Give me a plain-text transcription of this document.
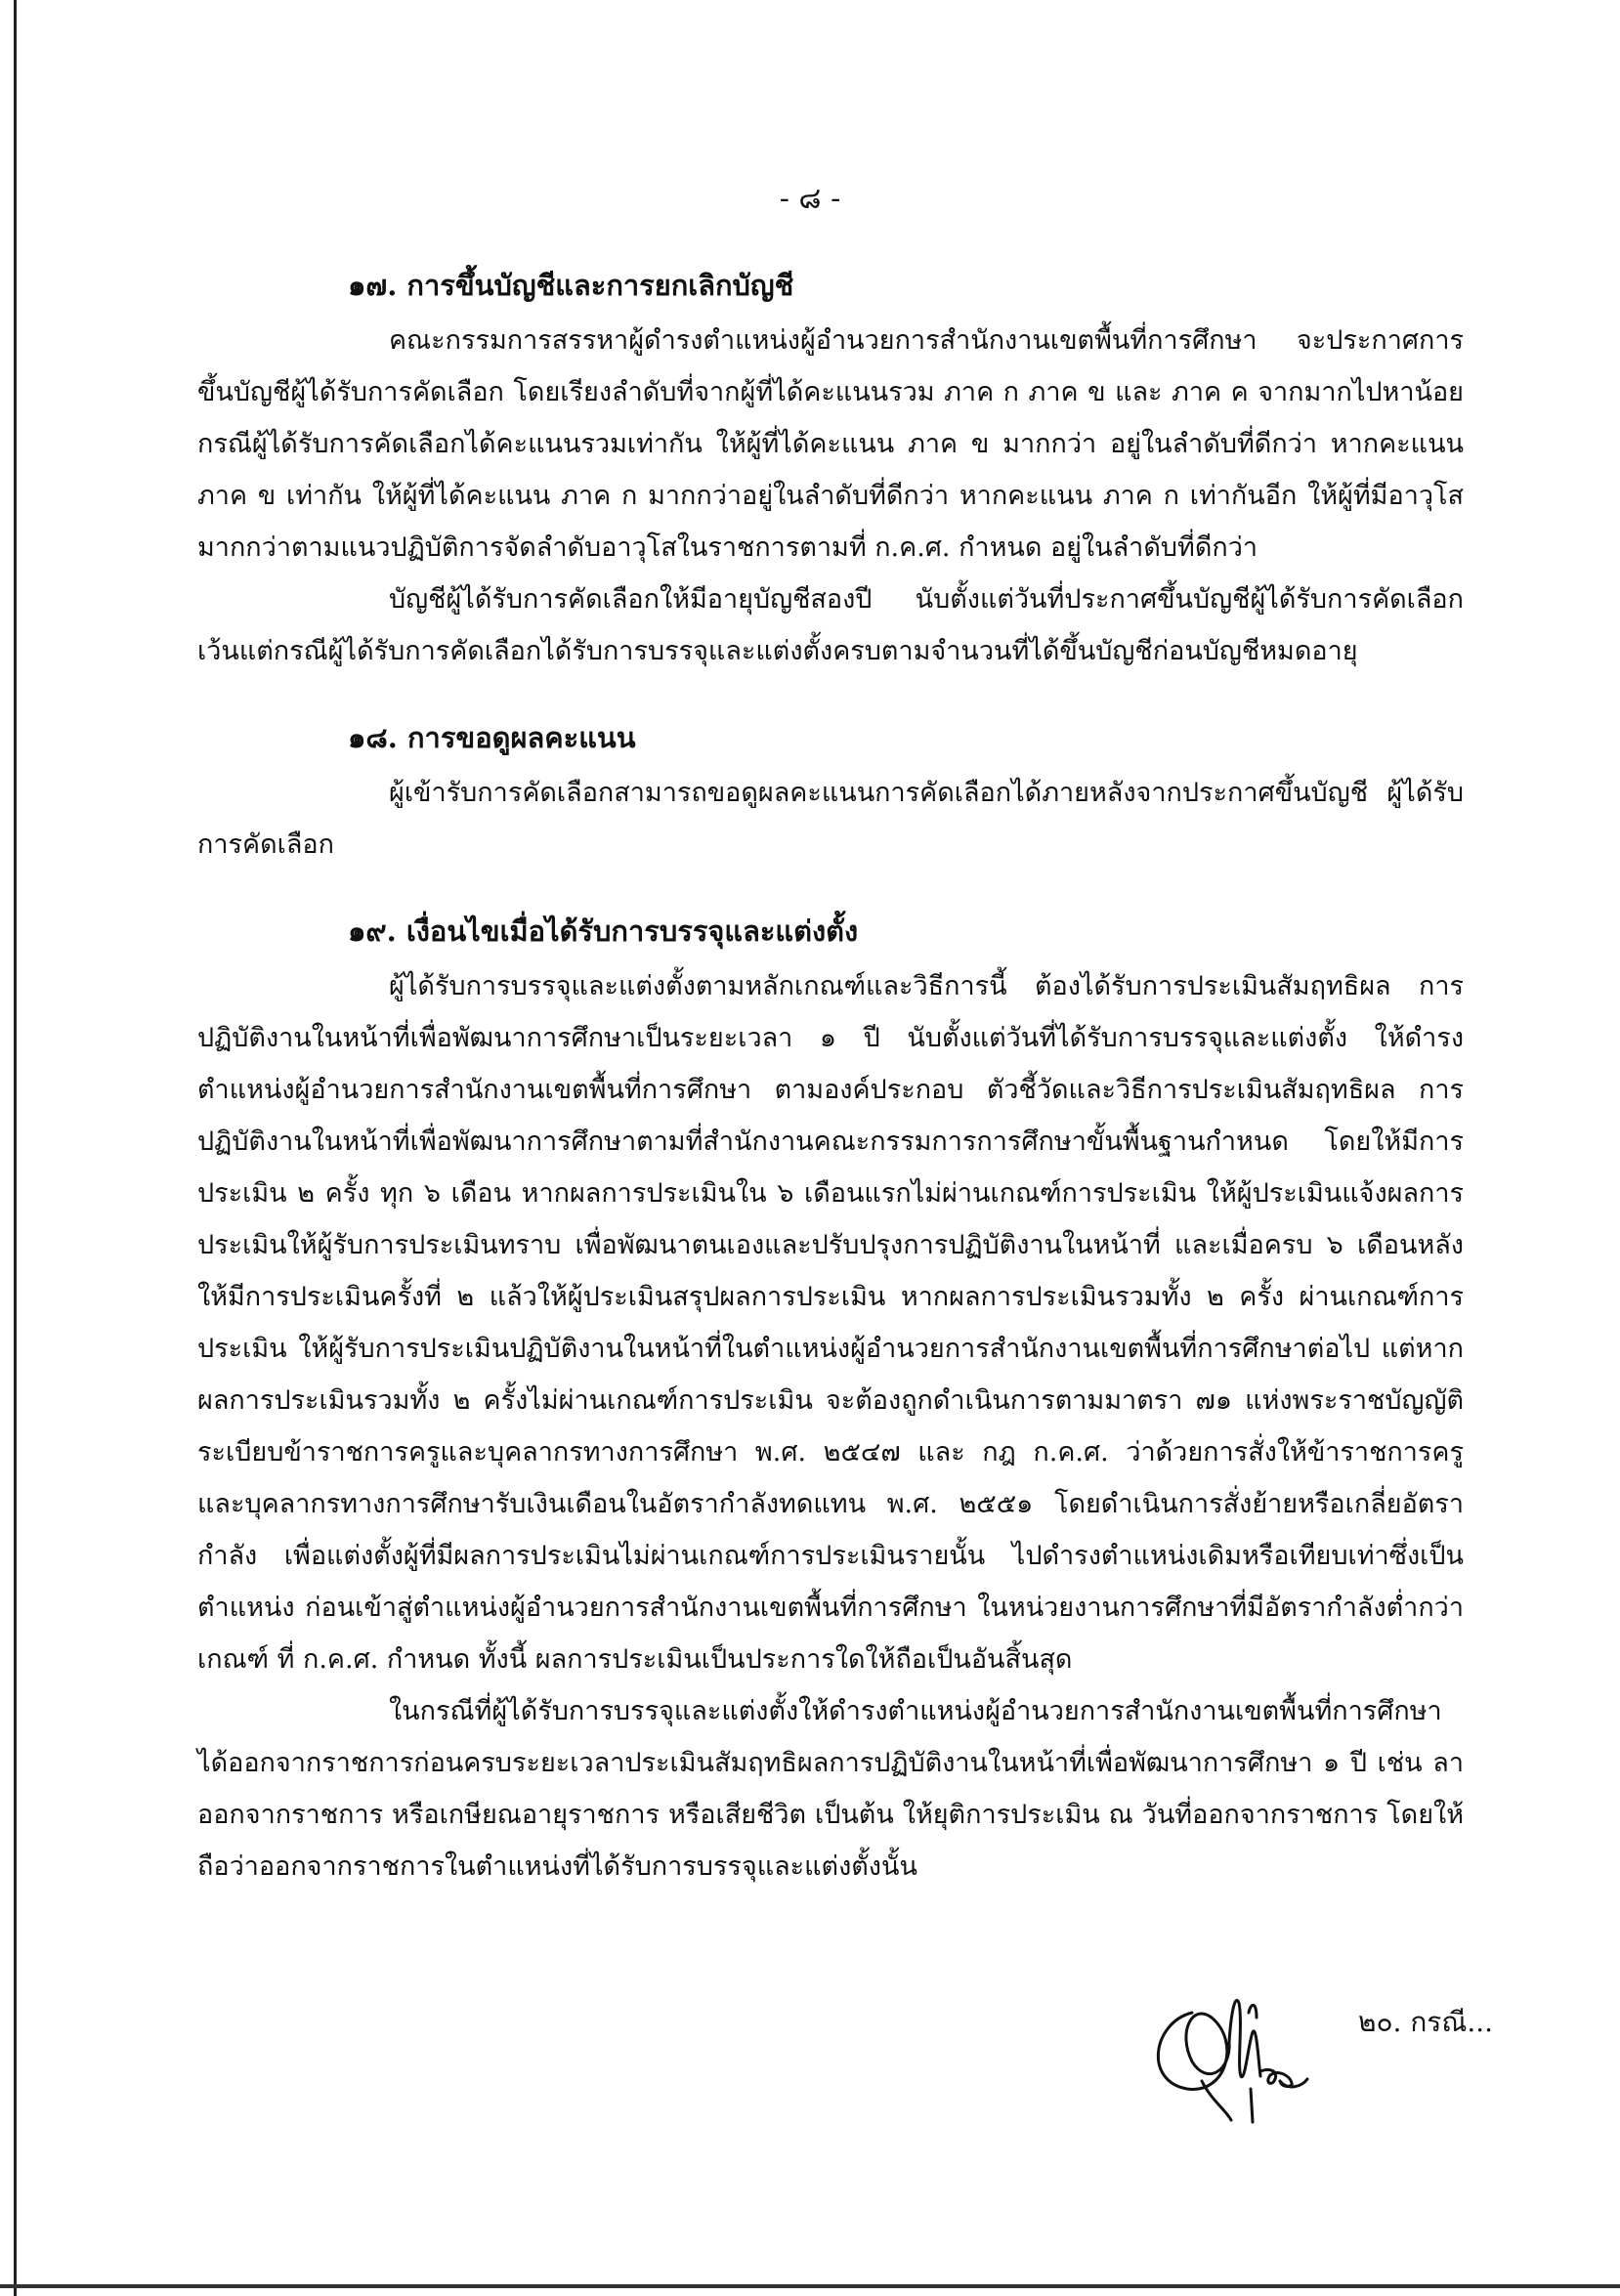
- ๘ -
๑๗. การขึ้นบัญชีและการยกเลิกบัญชี

คณะกรรมการสรรหาผู้ดำรงตำแหน่งผู้อำนวยการสำนักงานเขตพื้นที่การศึกษา จะประกาศการขึ้นบัญชีผู้ได้รับการคัดเลือก โดยเรียงลำดับที่จากผู้ที่ได้คะแนนรวม ภาค ก ภาค ข และ ภาค ค จากมากไปหาน้อย กรณีผู้ได้รับการคัดเลือกได้คะแนนรวมเท่ากัน ให้ผู้ที่ได้คะแนน ภาค ข มากกว่า อยู่ในลำดับที่ดีกว่า หากคะแนน ภาค ข เท่ากัน ให้ผู้ที่ได้คะแนน ภาค ก มากกว่าอยู่ในลำดับที่ดีกว่า หากคะแนน ภาค ก เท่ากันอีก ให้ผู้ที่มีอาวุโสมากกว่าตามแนวปฏิบัติการจัดลำดับอาวุโสในราชการตามที่ ก.ค.ศ. กำหนด อยู่ในลำดับที่ดีกว่า

บัญชีผู้ได้รับการคัดเลือกให้มีอายุบัญชีสองปี นับตั้งแต่วันที่ประกาศขึ้นบัญชีผู้ได้รับการคัดเลือก เว้นแต่กรณีผู้ได้รับการคัดเลือกได้รับการบรรจุและแต่งตั้งครบตามจำนวนที่ได้ขึ้นบัญชีก่อนบัญชีหมดอายุ

๑๘. การขอดูผลคะแนน

ผู้เข้ารับการคัดเลือกสามารถขอดูผลคะแนนการคัดเลือกได้ภายหลังจากประกาศขึ้นบัญชี ผู้ได้รับการคัดเลือก

๑๙. เงื่อนไขเมื่อได้รับการบรรจุและแต่งตั้ง

ผู้ได้รับการบรรจุและแต่งตั้งตามหลักเกณฑ์และวิธีการนี้ ต้องได้รับการประเมินสัมฤทธิผล การปฏิบัติงานในหน้าที่เพื่อพัฒนาการศึกษาเป็นระยะเวลา ๑ ปี นับตั้งแต่วันที่ได้รับการบรรจุและแต่งตั้ง ให้ดำรงตำแหน่งผู้อำนวยการสำนักงานเขตพื้นที่การศึกษา ตามองค์ประกอบ ตัวชี้วัดและวิธีการประเมินสัมฤทธิผล การปฏิบัติงานในหน้าที่เพื่อพัฒนาการศึกษาตามที่สำนักงานคณะกรรมการการศึกษาขั้นพื้นฐานกำหนด โดยให้มีการประเมิน ๒ ครั้ง ทุก ๖ เดือน หากผลการประเมินใน ๖ เดือนแรกไม่ผ่านเกณฑ์การประเมิน ให้ผู้ประเมินแจ้งผลการประเมินให้ผู้รับการประเมินทราบ เพื่อพัฒนาตนเองและปรับปรุงการปฏิบัติงานในหน้าที่ และเมื่อครบ ๖ เดือนหลัง ให้มีการประเมินครั้งที่ ๒ แล้วให้ผู้ประเมินสรุปผลการประเมิน หากผลการประเมินรวมทั้ง ๒ ครั้ง ผ่านเกณฑ์การประเมิน ให้ผู้รับการประเมินปฏิบัติงานในหน้าที่ในตำแหน่งผู้อำนวยการสำนักงานเขตพื้นที่การศึกษาต่อไป แต่หากผลการประเมินรวมทั้ง ๒ ครั้งไม่ผ่านเกณฑ์การประเมิน จะต้องถูกดำเนินการตามมาตรา ๗๑ แห่งพระราชบัญญัติระเบียบข้าราชการครูและบุคลากรทางการศึกษา พ.ศ. ๒๕๔๗ และ กฎ ก.ค.ศ. ว่าด้วยการสั่งให้ข้าราชการครู และบุคลากรทางการศึกษารับเงินเดือนในอัตรากำลังทดแทน พ.ศ. ๒๕๕๑ โดยดำเนินการสั่งย้ายหรือเกลี่ยอัตรากำลัง เพื่อแต่งตั้งผู้ที่มีผลการประเมินไม่ผ่านเกณฑ์การประเมินรายนั้น ไปดำรงตำแหน่งเดิมหรือเทียบเท่าซึ่งเป็นตำแหน่ง ก่อนเข้าสู่ตำแหน่งผู้อำนวยการสำนักงานเขตพื้นที่การศึกษา ในหน่วยงานการศึกษาที่มีอัตรากำลังต่ำกว่าเกณฑ์ ที่ ก.ค.ศ. กำหนด ทั้งนี้ ผลการประเมินเป็นประการใดให้ถือเป็นอันสิ้นสุด

ในกรณีที่ผู้ได้รับการบรรจุและแต่งตั้งให้ดำรงตำแหน่งผู้อำนวยการสำนักงานเขตพื้นที่การศึกษา ได้ออกจากราชการก่อนครบระยะเวลาประเมินสัมฤทธิผลการปฏิบัติงานในหน้าที่เพื่อพัฒนาการศึกษา ๑ ปี เช่น ลาออกจากราชการ หรือเกษียณอายุราชการ หรือเสียชีวิต เป็นต้น ให้ยุติการประเมิน ณ วันที่ออกจากราชการ โดยให้ถือว่าออกจากราชการในตำแหน่งที่ได้รับการบรรจุและแต่งตั้งนั้น

๒๐. กรณี...
